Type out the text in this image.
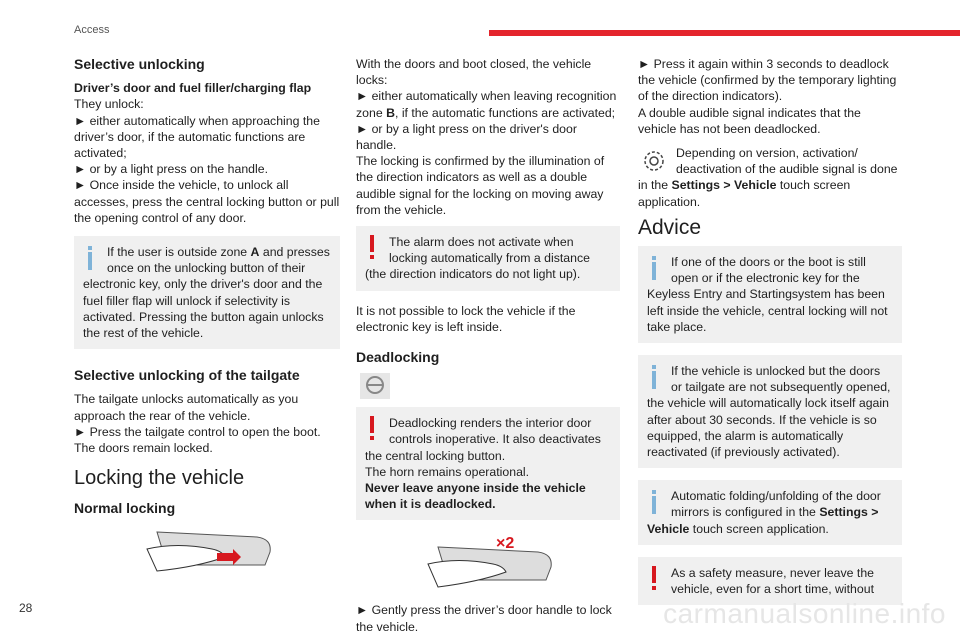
Access
Selective unlocking
Driver’s door and fuel filler/charging flap

They unlock:
► either automatically when approaching the driver’s door, if the automatic functions are activated;
► or by a light press on the handle.
► Once inside the vehicle, to unlock all accesses, press the central locking button or pull the opening control of any door.

If the user is outside zone A and presses once on the unlocking button of their electronic key, only the driver's door and the fuel filler flap will unlock if selectivity is activated. Pressing the button again unlocks the rest of the vehicle.
Selective unlocking of the tailgate

The tailgate unlocks automatically as you approach the rear of the vehicle.
► Press the tailgate control to open the boot. The doors remain locked.

Locking the vehicle
Normal locking

With the doors and boot closed, the vehicle locks:
► either automatically when leaving recognition zone B, if the automatic functions are activated;
► or by a light press on the driver's door handle.
The locking is confirmed by the illumination of the direction indicators as well as a double audible signal for the locking on moving away from the vehicle.

The alarm does not activate when locking automatically from a distance (the direction indicators do not light up).

It is not possible to lock the vehicle if the electronic key is left inside.

Deadlocking
Deadlocking renders the interior door controls inoperative. It also deactivates the central locking button.
The horn remains operational.
Never leave anyone inside the vehicle when it is deadlocked.
×2

► Gently press the driver’s door handle to lock the vehicle.

► Press it again within 3 seconds to deadlock the vehicle (confirmed by the temporary lighting of the direction indicators).
A double audible signal indicates that the vehicle has not been deadlocked.

Depending on version, activation/ deactivation of the audible signal is done in the Settings > Vehicle touch screen application.
Advice
If one of the doors or the boot is still open or if the electronic key for the Keyless Entry and Startingsystem has been left inside the vehicle, central locking will not take place.
If the vehicle is unlocked but the doors or tailgate are not subsequently opened, the vehicle will automatically lock itself again after about 30 seconds. If the vehicle is so equipped, the alarm is automatically reactivated (if previously activated).
Automatic folding/unfolding of the door mirrors is configured in the Settings > Vehicle touch screen application.
As a safety measure, never leave the vehicle, even for a short time, without
28	carmanualsonline.info
